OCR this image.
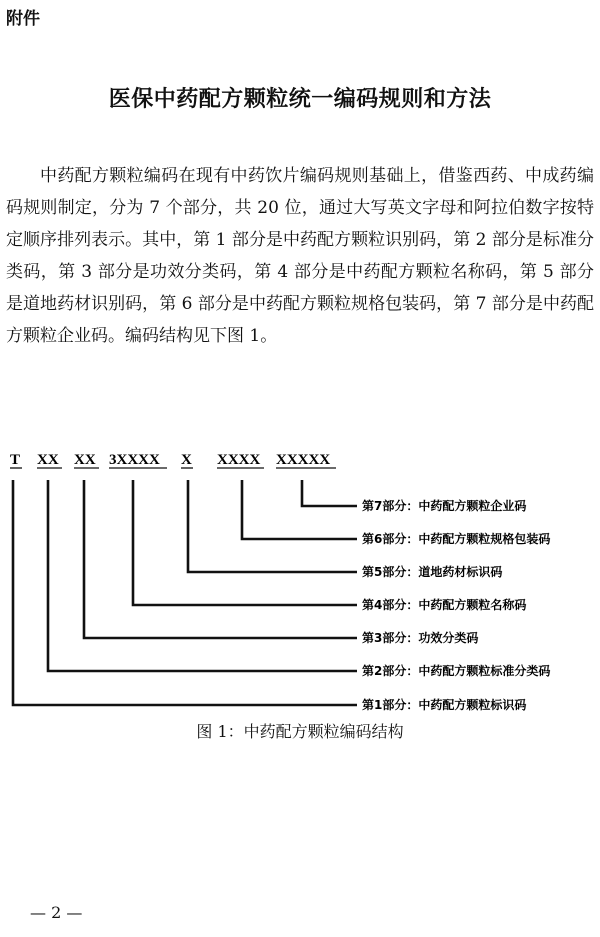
附件
医保中药配方颗粒统一编码规则和方法
中药配方颗粒编码在现有中药饮片编码规则基础上，借鉴西药、中成药编码规则制定，分为 7 个部分，共 20 位，通过大写英文字母和阿拉伯数字按特定顺序排列表示。其中，第 1 部分是中药配方颗粒识别码，第 2 部分是标准分类码，第 3 部分是功效分类码，第 4 部分是中药配方颗粒名称码，第 5 部分是道地药材识别码，第 6 部分是中药配方颗粒规格包装码，第 7 部分是中药配方颗粒企业码。编码结构见下图 1。
T XX XX 3XXXX X XXXX XXXXX
第7部分：中药配方颗粒企业码
第6部分：中药配方颗粒规格包装码
第5部分：道地药材标识码
第4部分：中药配方颗粒名称码
第3部分：功效分类码
第2部分：中药配方颗粒标准分类码
第1部分：中药配方颗粒标识码
图 1：中药配方颗粒编码结构
— 2 —
